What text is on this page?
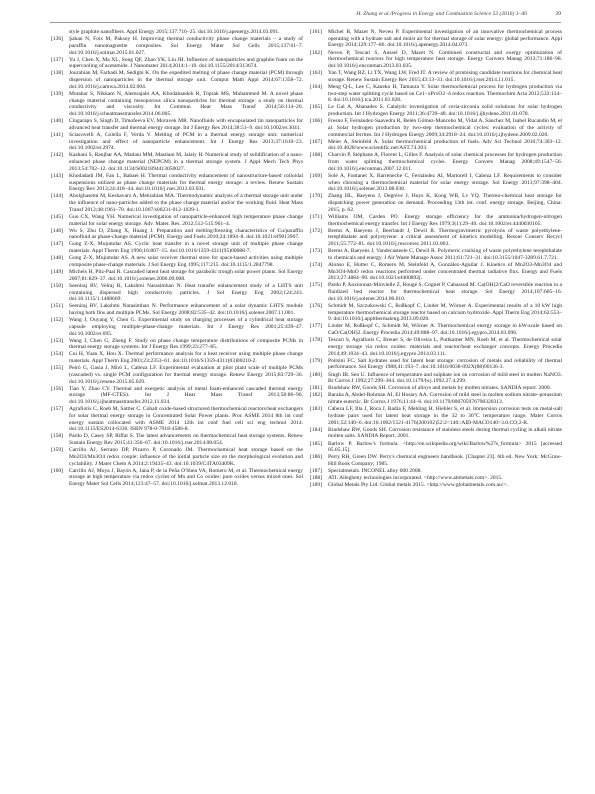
H. Zhang et al./Progress in Energy and Combustion Science 53 (2016) 1–40	39
style graphite nanofibers. Appl Energy 2015;137:716–25. doi:10.1016/j.apenergy.2014.03.091.
[136]	Şahan N, Fois M, Paksoy H. Improving thermal conductivity phase change materials – a study of paraffin nanomagnetite composites. Sol Energy Mater Sol Cells 2015;137:61–7. doi:10.1016/j.solmat.2015.01.027.
[137]	Yu J, Chen X, Ma XL, Song QF, Zhao YK, Liu JH. Influence of nanoparticles and graphite foam on the supercooling of acetamide. J Nanomater 2014;2014:1–10. doi:10.1155/2014/313674.
[138]	Jourabian M, Farhadi M, Sedighi K. On the expedited melting of phase change material (PCM) through dispersion of nanoparticles in the thermal storage unit. Comput Math Appl 2014;67:1358–72. doi:10.1016/j.camwa.2014.02.004.
[139]	Motahar S, Nikkam N, Alemrajabi AA, Khodabandeh R, Toprak MS, Muhammed M. A novel phase change material containing mesoporous silica nanoparticles for thermal storage: a study on thermal conductivity and viscosity. Int Commun Heat Mass Transf 2014;56:114–20. doi:10.1016/j.icheatmasstransfer.2014.06.005.
[140]	Cingarapu S, Singh D, Timofeeva EV, Moravek MR. Nanofluids with encapsulated tin nanoparticles for advanced heat transfer and thermal energy storage. Int J Energy Res 2014;38:51–9. doi:10.1002/er.3041.
[141]	Sciacovelli A, Colella F, Verda V. Melting of PCM in a thermal energy storage unit: numerical investigation and effect of nanoparticle enhancement. Int J Energy Res 2013;37:1610–23. doi:10.1002/er.2974.
[142]	Kashani S, Ranjbar AA, Madani MM, Mastiani M, Jalaly H. Numerical study of solidification of a nano-enhanced phase change material (NEPCM) in a thermal storage system. J Appl Mech Tech Phys 2013;54:702–12. doi:10.1134/S0021894413050027.
[143]	Khodadadi JM, Fan L, Babaei H. Thermal conductivity enhancement of nanostructure-based colloidal suspensions utilized as phase change materials for thermal energy storage: a review. Renew Sustain Energy Rev 2013;24:418–44. doi:10.1016/j.rser.2013.03.031.
[144]	Abolghasemi M, Keshavarz A, Mehrabian MA. Thermodynamic analysis of a thermal storage unit under the influence of nano-particles added to the phase change material and/or the working fluid. Heat Mass Transf 2012;48:1961–70. doi:10.1007/s00231-012-1039-1.
[145]	Guo CX, Wang YH. Numerical investigation of nanoparticle-enhanced high temperature phase change material for solar energy storage. Adv. Mater. Res. 2012;512-515:961–4.
[146]	Wu S, Zhu D, Zhang X, Huang J. Preparation and melting/freezing characteristics of Cu/paraffin nanofluid as phase-change material (PCM). Energy and Fuels 2010;24:1894–8. doi:10.1021/ef9013967.
[147]	Gong Z-X, Mujumdar AS. Cyclic heat transfer in a novel storage unit of multiple phase change materials. Appl Therm Eng 1996;16:807–15. doi:10.1016/1359-4311(95)00088-7.
[148]	Gong Z-X, Mujumdar AS. A new solar receiver thermal store for space-based activities using multiple composite phase-change materials. J Sol Energy Eng 1995;117:215. doi:10.1115/1.2847798.
[149]	Michels H, Pitz-Paal R. Cascaded latent heat storage for parabolic trough solar power plants. Sol Energy 2007;81:829–37. doi:10.1016/j.solener.2006.09.008.
[150]	Seeniraj RV, Velraj R, Lakshmi Narasimhan N. Heat transfer enhancement study of a LHTS unit containing dispersed high conductivity particles. J Sol Energy Eng 2002;124:243. doi:10.1115/1.1488669.
[151]	Seeniraj RV, Lakshmi Narasimhan N. Performance enhancement of a solar dynamic LHTS module having both fins and multiple PCMs. Sol Energy 2008;82:535–42. doi:10.1016/j.solener.2007.11.001.
[152]	Wang J, Ouyang Y, Chen G. Experimental study on charging processes of a cylindrical heat storage capsule employing multiple-phase-change materials. Int J Energy Res 2001;25:439–47. doi:10.1002/er.695.
[153]	Wang J, Chen G, Zheng F. Study on phase change temperature distributions of composite PCMs in thermal energy storage systems. Int J Energy Res 1999;23:277–85.
[154]	Cui H, Yuan X, Hou X. Thermal performance analysis for a heat receiver using multiple phase change materials. Appl Therm Eng 2003;23:2353–61. doi:10.1016/S1359-4311(03)00210-2.
[155]	Peiró G, Gasia J, Miró L, Cabeza LF. Experimental evaluation at pilot plant scale of multiple PCMs (cascaded) vs. single PCM configuration for thermal energy storage. Renew Energy 2015;83:729–36. doi:10.1016/j.renene.2015.05.029.
[156]	Tian Y, Zhao CY. Thermal and exergetic analysis of metal foam-enhanced cascaded thermal energy storage (MF-CTES). Int J Heat Mass Transf 2013;58:86–96. doi:10.1016/j.ijheatmasstransfer.2012.11.034.
[157]	Agrafiotis C, Roeb M, Sattler C. Cobalt oxide-based structured thermochemical reactors/heat exchangers for solar thermal energy storage in Concentrated Solar Power plants. Proc ASME 2014 8th int conf energy sustain collocated with ASME 2014 12th int conf fuel cell sci eng technol 2014. doi:10.1115/ES2014-6336. ISBN 978-0-7918-4586-8.
[158]	Pardo D, Casey SP, Riffat S. The latest advancements on thermochemical heat storage systems. Renew Sustain Energy Rev 2015;41:356–67. doi:10.1016/j.rser.2014.08.054.
[159]	Carrillo AJ, Serrano DP, Pizarro P, Coronado JM. Thermochemical heat storage based on the Mn2O3/Mn3O4 redox couple: influence of the initial particle size on the morphological evolution and cyclability. J Mater Chem A 2014;2:19435–43. doi:10.1039/C4TA03409K.
[160]	Carrillo AJ, Moya J, Bayón A, Jana P, de la Peña O'Shea VA, Romero M, et al. Thermochemical energy storage at high temperature via redox cycles of Mn and Co oxides: pure oxides versus mixed ones. Sol Energy Mater Sol Cells 2014;123:47–57. doi:10.1016/j.solmat.2013.12.018.
[161]	Michel B, Mazet N, Neveu P. Experimental investigation of an innovative thermochemical process operating with a hydrate salt and moist air for thermal storage of solar energy: global performance. Appl Energy 2014;129:177–86. doi:10.1016/j.apenergy.2014.04.073.
[162]	Neveu P, Tescari S, Aussel D, Mazet N. Combined constructal and exergy optimization of thermochemical reactors for high temperature heat storage. Energy Convers Manag 2013;71:186–98. doi:10.1016/j.enconman.2013.03.035.
[163]	Yan T, Wang RZ, Li TX, Wang LW, Fred IT. A review of promising candidate reactions for chemical heat storage. Renew Sustain Energy Rev 2015;43:13–31. doi:10.1016/j.rser.2014.11.015.
[164]	Meng Q-L, Lee C, Kaneko H, Tamaura Y. Solar thermochemical process for hydrogen production via two-step water splitting cycle based on Ce1−xPrxO2−δ redox reaction. Thermochim Acta 2012;532:134–8. doi:10.1016/j.tca.2011.01.028.
[165]	Le Gal A, Abanades S. Catalytic investigation of ceria-zirconia solid solutions for solar hydrogen production. Int J Hydrogen Energy 2011;36:4739–48. doi:10.1016/j.ijhydene.2011.01.078.
[166]	Fresno F, Fernández-Saavedra R, Belén Gómez-Mancebo M, Vidal A, Sánchez M, Isabel Rucandio M, et al. Solar hydrogen production by two-step thermochemical cycles: evaluation of the activity of commercial ferrites. Int J Hydrogen Energy 2009;34:2918–24. doi:10.1016/j.ijhydene.2009.02.020.
[167]	Meier A, Steinfeld A. Solar thermochemical production of fuels. Adv Sci Technol 2010;74:303–12. doi:10.4028/www.scientific.net/AST.74.303.
[168]	Charvin P, Stéphane A, Florent L, Gilles F. Analysis of solar chemical processes for hydrogen production from water splitting thermochemical cycles. Energy Convers Manag 2008;49:1547–56. doi:10.1016/j.enconman.2007.12.011.
[169]	Solé A, Fontanet X, Barreneche C, Fernández AI, Martorell I, Cabeza LF. Requirements to consider when choosing a thermochemical material for solar energy storage. Sol Energy 2013;97:398–404. doi:10.1016/j.solener.2013.08.038.
[170]	Zhang HL, Baeyens J, Degrève J, Huys K, Kong WB, Lv YQ. Thermo-chemical heat storage for dispatching power generation on demand. Proceeding 13th int. conf. energy storage, Beijing, China: 2015, p. 62.
[171]	Williams OM, Carden PO. Energy storage efficiency for the ammonia/hydrogen-nitrogen thermochemical energy transfer. Int J Energy Res 1979;3(1):29–40. doi:10.1002/er.4440030105.
[172]	Brems A, Baeyens J, Beerlandt J, Dewil R. Thermogravimetric pyrolysis of waste polyethylene-terephthalate and polystyrene: a critical assessment of kinetics modelling. Resour Conserv Recycl 2011;55:772–81. doi:10.1016/j.resconrec.2011.03.003.
[173]	Brems A, Baeyens J, Vandecasteele C, Dewil R. Polymeric cracking of waste polyethylene terephthalate to chemicals and energy. J Air Waste Manage Assoc 2011;61:721–31. doi:10.3155/1047-3289.61.7.721.
[174]	Alonso E, Hutter C, Romero M, Steinfeld A, González-Aguilar J. Kinetics of Mn2O3-Mn3O4 and Mn3O4-MnO redox reactions performed under concentrated thermal radiative flux. Energy and Fuels 2013;27:4884–90. doi:10.1021/ef400892j.
[175]	Pardo P, Anxionnaz-Minvielle Z, Rougé S, Cognet P, Cabassud M. Ca(OH)2/CaO reversible reaction in a fluidized bed reactor for thermochemical heat storage. Sol Energy 2014;107:605–16. doi:10.1016/j.solener.2014.06.010.
[176]	Schmidt M, Szczukowski C, Roßkopf C, Linder M, Wörner A. Experimental results of a 10 kW high temperature thermochemical storage reactor based on calcium hydroxide. Appl Therm Eng 2014;62:553–9. doi:10.1016/j.applthermaleng.2013.09.020.
[177]	Linder M, Roßkopf C, Schmidt M, Wörner A. Thermochemical energy storage in kW-scale based on CaO/Ca(OH)2. Energy Procedia 2014;49:888–97. doi:10.1016/j.egypro.2014.03.096.
[178]	Tescari S, Agrafiotis C, Breuer S, de Oliveira L, Puttkamer MN, Roeb M, et al. Thermochemical solar energy storage via redox oxides: materials and reactor/heat exchanger concepts. Energy Procedia 2014;49:1034–43. doi:10.1016/j.egypro.2014.03.111.
[179]	Poitsini FC. Salt hydrates used for latent heat storage: corrosion of metals and reliability of thermal performance. Sol Energy 1988;41:193–7. doi:10.1016/0038-092X(88)90136-3.
[180]	Singh IB. Sen U. Influence of temperature and sulphate ion on corrosion of mild steel in molten NaNO3. Br Corros J 1992;27:299–304. doi:10.1179/bcj.1992.27.4.299.
[181]	Bradshaw RW, Goods SH. Corrosion of alloys and metals by molten nitrates. SANDIA report. 2000.
[182]	Baraka A, Abdel-Rohman AI, El Hosary AA. Corrosion of mild steel in molten sodium nitrate–potassium nitrate eutectic. Br Corros J 1976;11:44–6. doi:10.1179/000705976798320313.
[183]	Cabeza LF, Illa J, Roca J, Badia F, Mehling H, Hiebler S, et al. Immersion corrosion tests on metal-salt hydrate pairs used for latent heat storage in the 32 to 36°C temperature range. Mater Corros 2001;52:140–6. doi:10.1002/1521-4176(200102)52:2<140::AID-MACO140>3.0.CO;2-R.
[184]	Bradshaw RW, Goods SH. Corrosion resistance of stainless steels during thermal cycling in alkali nitrate molten salts. SANDIA Report. 2001.
[185]	Barlow P. Barlow's formula. <http://en.wikipedia.org/wiki/Barlow%27s_formula> 2015 [accessed 05.05.15].
[186]	Perry RH, Green DW. Perry's chemical engineers handbook. [Chapter 23]. 6th ed. New York: McGraw-Hill Book Company; 1985.
[187]	Specialmetals. INCONEL alloy 600 2008.
[188]	ATI. Allegheny technologies incorporated. <http://www.atimetals.com>. 2015.
[189]	Global Metals Pty Ltd. Global metals 2015. <http://www.globalmetals.com.au/>.
